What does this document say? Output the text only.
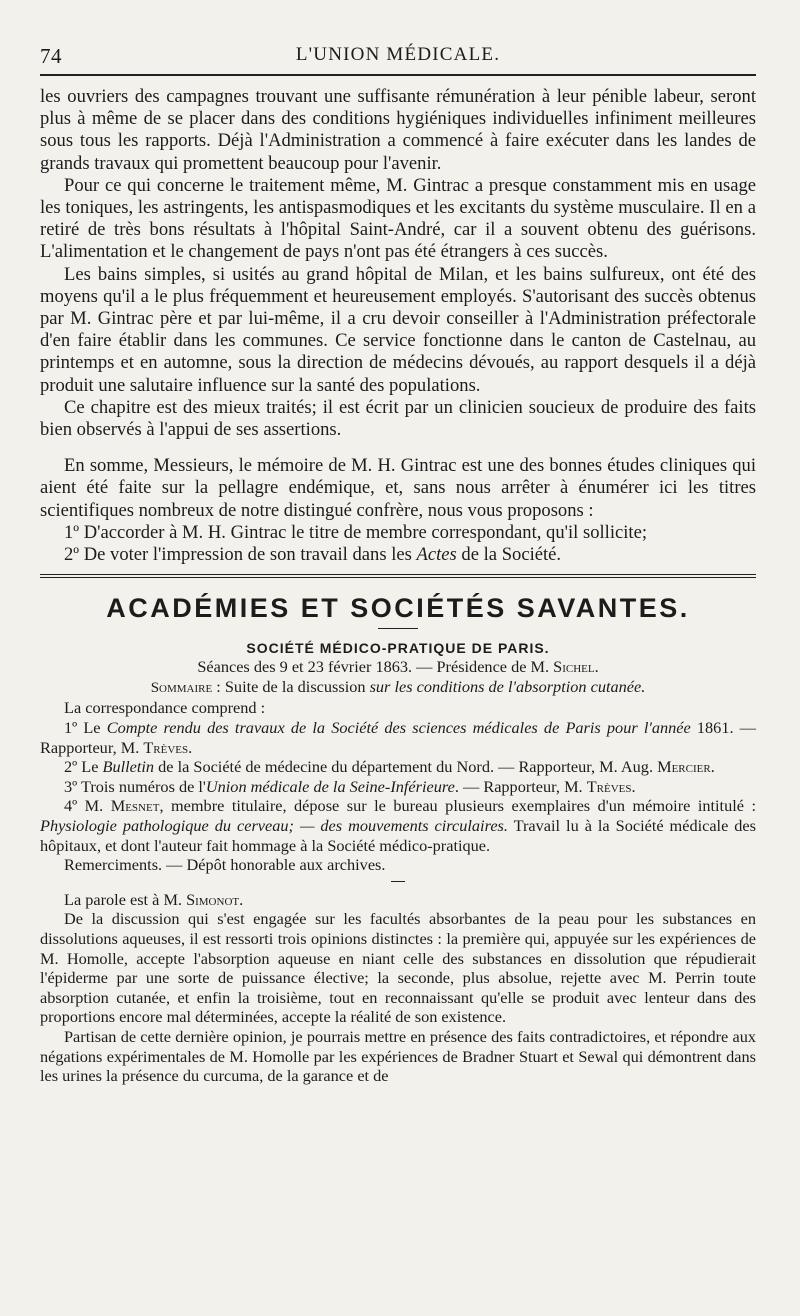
74	L'UNION MÉDICALE.

les ouvriers des campagnes trouvant une suffisante rémunération à leur pénible labeur, seront plus à même de se placer dans des conditions hygiéniques individuelles infiniment meilleures sous tous les rapports. Déjà l'Administration a commencé à faire exécuter dans les landes de grands travaux qui promettent beaucoup pour l'avenir.

Pour ce qui concerne le traitement même, M. Gintrac a presque constamment mis en usage les toniques, les astringents, les antispasmodiques et les excitants du système musculaire. Il en a retiré de très bons résultats à l'hôpital Saint-André, car il a souvent obtenu des guérisons. L'alimentation et le changement de pays n'ont pas été étrangers à ces succès.

Les bains simples, si usités au grand hôpital de Milan, et les bains sulfureux, ont été des moyens qu'il a le plus fréquemment et heureusement employés. S'autorisant des succès obtenus par M. Gintrac père et par lui-même, il a cru devoir conseiller à l'Administration préfectorale d'en faire établir dans les communes. Ce service fonctionne dans le canton de Castelnau, au printemps et en automne, sous la direction de médecins dévoués, au rapport desquels il a déjà produit une salutaire influence sur la santé des populations.

Ce chapitre est des mieux traités; il est écrit par un clinicien soucieux de produire des faits bien observés à l'appui de ses assertions.

En somme, Messieurs, le mémoire de M. H. Gintrac est une des bonnes études cliniques qui aient été faite sur la pellagre endémique, et, sans nous arrêter à énumérer ici les titres scientifiques nombreux de notre distingué confrère, nous vous proposons :

1º D'accorder à M. H. Gintrac le titre de membre correspondant, qu'il sollicite;

2º De voter l'impression de son travail dans les Actes de la Société.

ACADÉMIES ET SOCIÉTÉS SAVANTES.
SOCIÉTÉ MÉDICO-PRATIQUE DE PARIS.

Séances des 9 et 23 février 1863. — Présidence de M. Sichel.

Sommaire : Suite de la discussion sur les conditions de l'absorption cutanée.

La correspondance comprend :

1º Le Compte rendu des travaux de la Société des sciences médicales de Paris pour l'année 1861. — Rapporteur, M. Trèves.

2º Le Bulletin de la Société de médecine du département du Nord. — Rapporteur, M. Aug. Mercier.

3º Trois numéros de l'Union médicale de la Seine-Inférieure. — Rapporteur, M. Trèves.

4º M. Mesnet, membre titulaire, dépose sur le bureau plusieurs exemplaires d'un mémoire intitulé : Physiologie pathologique du cerveau; — des mouvements circulaires. Travail lu à la Société médicale des hôpitaux, et dont l'auteur fait hommage à la Société médico-pratique.

Remerciments. — Dépôt honorable aux archives.

La parole est à M. Simonot.

De la discussion qui s'est engagée sur les facultés absorbantes de la peau pour les substances en dissolutions aqueuses, il est ressorti trois opinions distinctes : la première qui, appuyée sur les expériences de M. Homolle, accepte l'absorption aqueuse en niant celle des substances en dissolution que répudierait l'épiderme par une sorte de puissance élective; la seconde, plus absolue, rejette avec M. Perrin toute absorption cutanée, et enfin la troisième, tout en reconnaissant qu'elle se produit avec lenteur dans des proportions encore mal déterminées, accepte la réalité de son existence.

Partisan de cette dernière opinion, je pourrais mettre en présence des faits contradictoires, et répondre aux négations expérimentales de M. Homolle par les expériences de Bradner Stuart et Sewal qui démontrent dans les urines la présence du curcuma, de la garance et de
